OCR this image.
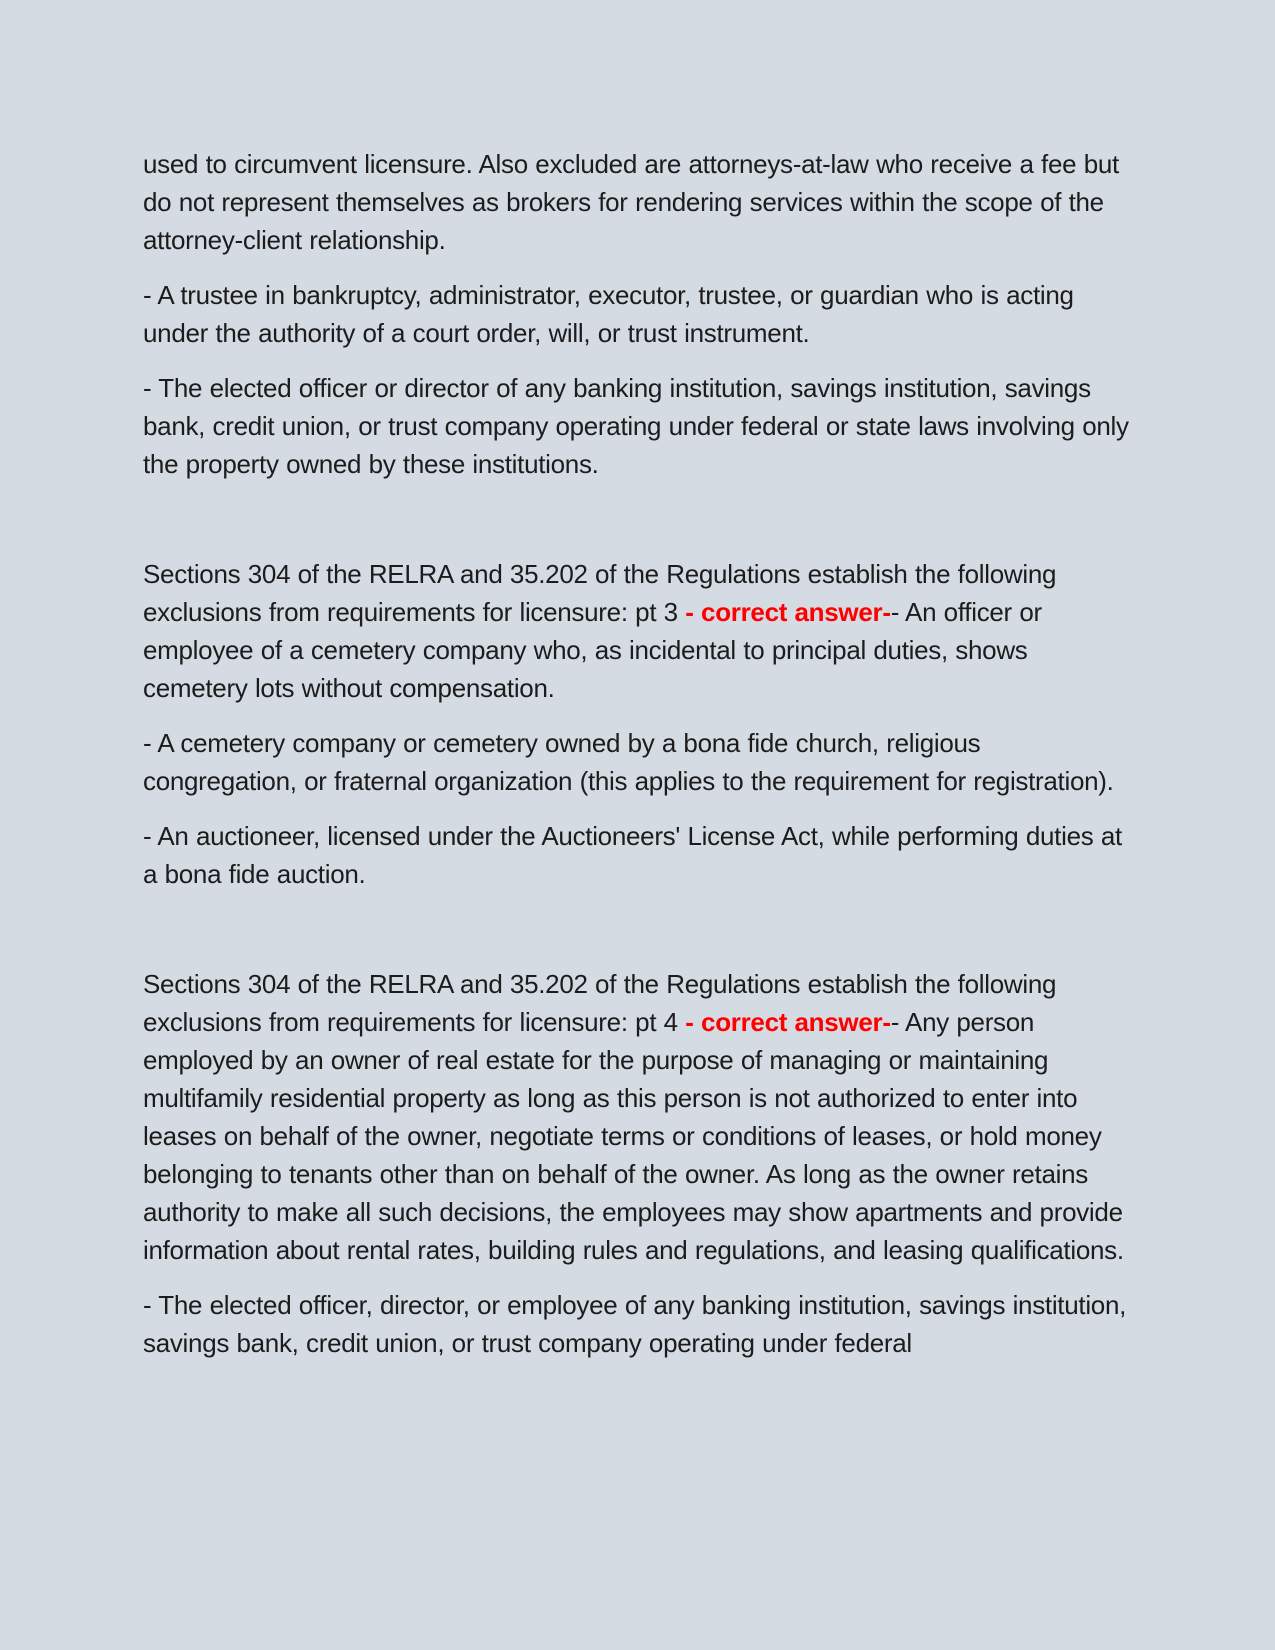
used to circumvent licensure. Also excluded are attorneys-at-law who receive a fee but do not represent themselves as brokers for rendering services within the scope of the attorney-client relationship.

- A trustee in bankruptcy, administrator, executor, trustee, or guardian who is acting under the authority of a court order, will, or trust instrument.

- The elected officer or director of any banking institution, savings institution, savings bank, credit union, or trust company operating under federal or state laws involving only the property owned by these institutions.

Sections 304 of the RELRA and 35.202 of the Regulations establish the following exclusions from requirements for licensure: pt 3 - correct answer-- An officer or employee of a cemetery company who, as incidental to principal duties, shows cemetery lots without compensation.

- A cemetery company or cemetery owned by a bona fide church, religious congregation, or fraternal organization (this applies to the requirement for registration).

- An auctioneer, licensed under the Auctioneers' License Act, while performing duties at a bona fide auction.

Sections 304 of the RELRA and 35.202 of the Regulations establish the following exclusions from requirements for licensure: pt 4 - correct answer-- Any person employed by an owner of real estate for the purpose of managing or maintaining multifamily residential property as long as this person is not authorized to enter into leases on behalf of the owner, negotiate terms or conditions of leases, or hold money belonging to tenants other than on behalf of the owner. As long as the owner retains authority to make all such decisions, the employees may show apartments and provide information about rental rates, building rules and regulations, and leasing qualifications.

- The elected officer, director, or employee of any banking institution, savings institution, savings bank, credit union, or trust company operating under federal
